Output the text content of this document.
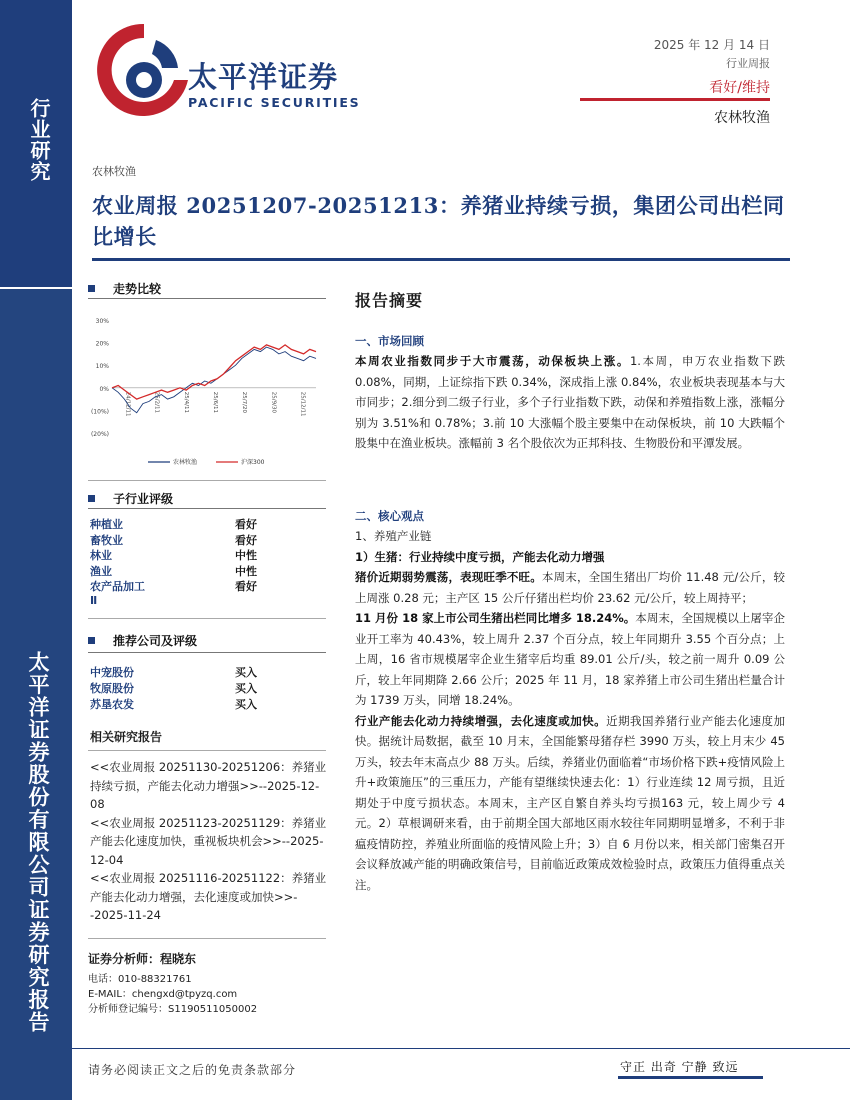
行业研究
太平洋证券股份有限公司证券研究报告
太平洋证券
PACIFIC SECURITIES
2025 年 12 月 14 日
行业周报
看好/维持
农林牧渔
农林牧渔
农业周报 20251207-20251213：养猪业持续亏损，集团公司出栏同比增长
走势比较
30%
20%
10%
0%
(10%)
(20%)
24/12/11	25/2/11	25/4/11	25/6/11	25/7/20	25/9/30	25/12/11
农林牧渔	沪深300
子行业评级
种植业	看好
畜牧业	看好
林业	中性
渔业	中性
农产品加工	看好
Ⅱ
推荐公司及评级
中宠股份	买入
牧原股份	买入
苏垦农发	买入
相关研究报告

<<农业周报 20251130-20251206：养猪业持续亏损，产能去化动力增强>>--2025-12-08

<<农业周报 20251123-20251129：养猪业产能去化速度加快，重视板块机会>>--2025-12-04

<<农业周报 20251116-20251122：养猪业产能去化动力增强，去化速度或加快>>--2025-11-24

证券分析师：程晓东
电话：010-88321761
E-MAIL：chengxd@tpyzq.com
分析师登记编号：S1190511050002
报告摘要
一、市场回顾
本周农业指数同步于大市震荡，动保板块上涨。1.本周，申万农业指数下跌 0.08%，同期，上证综指下跌 0.34%，深成指上涨 0.84%，农业板块表现基本与大市同步；2.细分到二级子行业，多个子行业指数下跌，动保和养殖指数上涨，涨幅分别为 3.51%和 0.78%；3.前 10 大涨幅个股主要集中在动保板块，前 10 大跌幅个股集中在渔业板块。涨幅前 3 名个股依次为正邦科技、生物股份和平潭发展。
二、核心观点
1、养殖产业链
1）生猪：行业持续中度亏损，产能去化动力增强
猪价近期弱势震荡，表现旺季不旺。本周末，全国生猪出厂均价 11.48 元/公斤，较上周涨 0.28 元；主产区 15 公斤仔猪出栏均价 23.62 元/公斤，较上周持平；
11 月份 18 家上市公司生猪出栏同比增多 18.24%。本周末，全国规模以上屠宰企业开工率为 40.43%，较上周升 2.37 个百分点，较上年同期升 3.55 个百分点；上上周，16 省市规模屠宰企业生猪宰后均重 89.01 公斤/头，较之前一周升 0.09 公斤，较上年同期降 2.66 公斤；2025 年 11 月，18 家养猪上市公司生猪出栏量合计为 1739 万头，同增 18.24%。
行业产能去化动力持续增强，去化速度或加快。近期我国养猪行业产能去化速度加快。据统计局数据，截至 10 月末，全国能繁母猪存栏 3990 万头，较上月末少 45 万头，较去年末高点少 88 万头。后续，养猪业仍面临着“市场价格下跌+疫情风险上升+政策施压”的三重压力，产能有望继续快速去化：1）行业连续 12 周亏损，且近期处于中度亏损状态。本周末，主产区自繁自养头均亏损163 元，较上周少亏 4 元。2）草根调研来看，由于前期全国大部地区雨水较往年同期明显增多，不利于非瘟疫情防控，养殖业所面临的疫情风险上升；3）自 6 月份以来，相关部门密集召开会议释放减产能的明确政策信号，目前临近政策成效检验时点，政策压力值得重点关注。
请务必阅读正文之后的免责条款部分	守正 出奇 宁静 致远
